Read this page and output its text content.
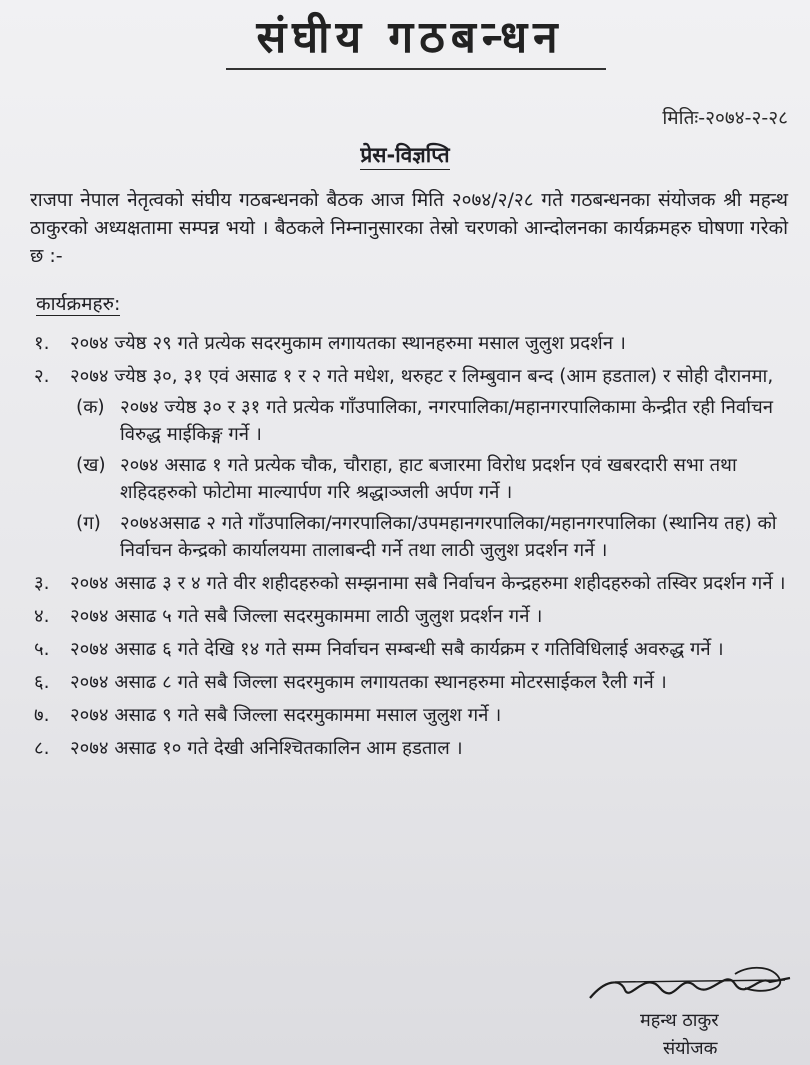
संघीय गठबन्धन
मितिः-२०७४-२-२८
प्रेस-विज्ञप्ति
राजपा नेपाल नेतृत्वको संघीय गठबन्धनको बैठक आज मिति २०७४/२/२८ गते गठबन्धनका संयोजक श्री महन्थ ठाकुरको अध्यक्षतामा सम्पन्न भयो । बैठकले निम्नानुसारका तेस्रो चरणको आन्दोलनका कार्यक्रमहरु घोषणा गरेको छ :-
कार्यक्रमहरु:
१.	२०७४ ज्येष्ठ २९ गते प्रत्येक सदरमुकाम लगायतका स्थानहरुमा मसाल जुलुश प्रदर्शन ।
२.	२०७४ ज्येष्ठ ३०, ३१ एवं असाढ १ र २ गते मधेश, थरुहट र लिम्बुवान बन्द (आम हडताल) र सोही दौरानमा,
(क) २०७४ ज्येष्ठ ३० र ३१ गते प्रत्येक गाँउपालिका, नगरपालिका/महानगरपालिकामा केन्द्रीत रही निर्वाचन विरुद्ध माईकिङ्ग गर्ने ।
(ख) २०७४ असाढ १ गते प्रत्येक चौक, चौराहा, हाट बजारमा विरोध प्रदर्शन एवं खबरदारी सभा तथा शहिदहरुको फोटोमा माल्यार्पण गरि श्रद्धाञ्जली अर्पण गर्ने ।
(ग)	२०७४असाढ २ गते गाँउपालिका/नगरपालिका/उपमहानगरपालिका/महानगरपालिका (स्थानिय तह) को निर्वाचन केन्द्रको कार्यालयमा तालाबन्दी गर्ने तथा लाठी जुलुश प्रदर्शन गर्ने ।
३.	२०७४ असाढ ३ र ४ गते वीर शहीदहरुको सम्झनामा सबै निर्वाचन केन्द्रहरुमा शहीदहरुको तस्विर प्रदर्शन गर्ने ।
४.	२०७४ असाढ ५ गते सबै जिल्ला सदरमुकाममा लाठी जुलुश प्रदर्शन गर्ने ।
५.	२०७४ असाढ ६ गते देखि १४ गते सम्म निर्वाचन सम्बन्धी सबै कार्यक्रम र गतिविधिलाई अवरुद्ध गर्ने ।
६.	२०७४ असाढ ८ गते सबै जिल्ला सदरमुकाम लगायतका स्थानहरुमा मोटरसाईकल रैली गर्ने ।
७.	२०७४ असाढ ९ गते सबै जिल्ला सदरमुकाममा मसाल जुलुश गर्ने ।
८.	२०७४ असाढ १० गते देखी अनिश्चितकालिन आम हडताल ।
महन्थ ठाकुर
संयोजक
